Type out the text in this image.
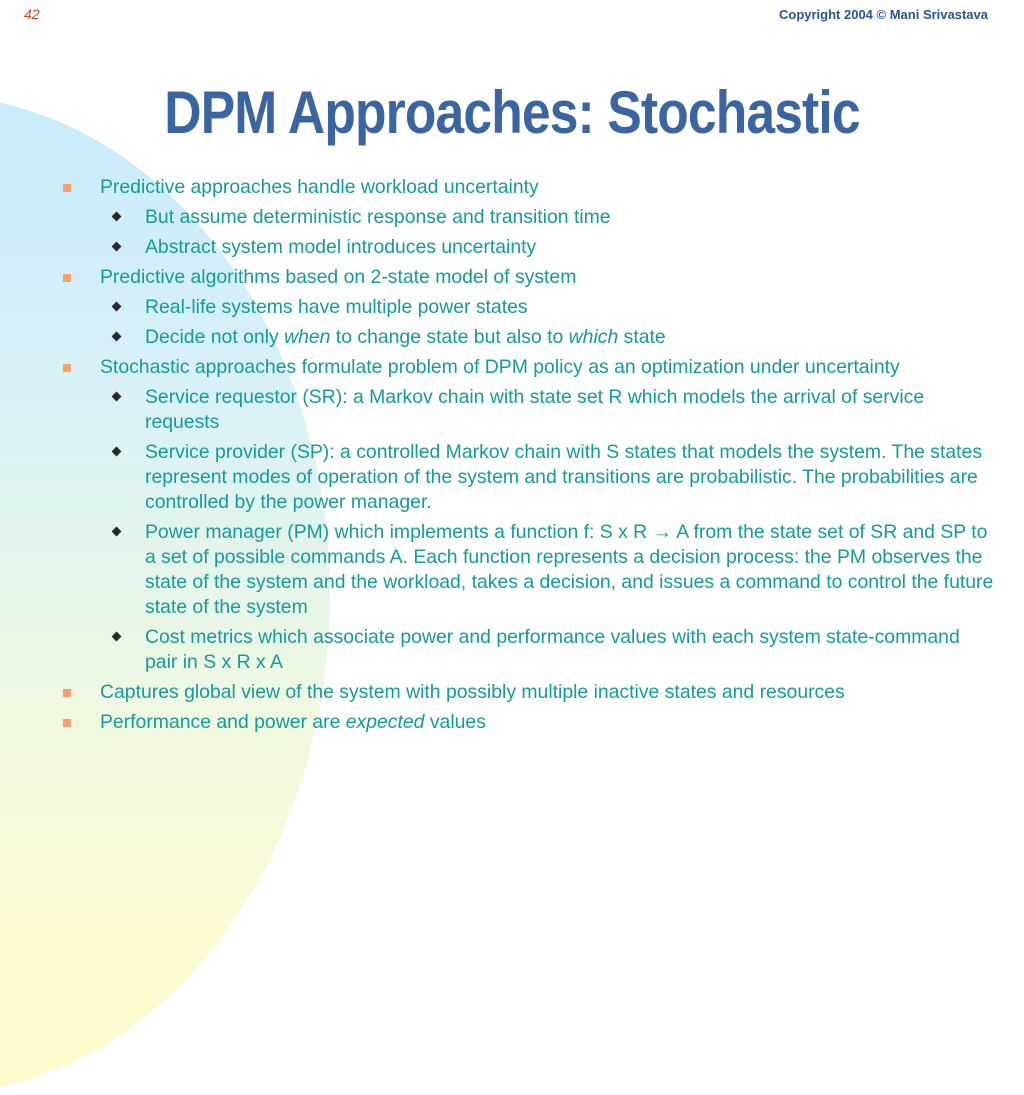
42	Copyright 2004 © Mani Srivastava
DPM Approaches: Stochastic
Predictive approaches handle workload uncertainty
But assume deterministic response and transition time
Abstract system model introduces uncertainty
Predictive algorithms based on 2-state model of system
Real-life systems have multiple power states
Decide not only when to change state but also to which state
Stochastic approaches formulate problem of DPM policy as an optimization under uncertainty
Service requestor (SR): a Markov chain with state set R which models the arrival of service requests
Service provider (SP): a controlled Markov chain with S states that models the system. The states represent modes of operation of the system and transitions are probabilistic. The probabilities are controlled by the power manager.
Power manager (PM) which implements a function f: S x R → A from the state set of SR and SP to a set of possible commands A. Each function represents a decision process: the PM observes the state of the system and the workload, takes a decision, and issues a command to control the future state of the system
Cost metrics which associate power and performance values with each system state-command pair in S x R x A
Captures global view of the system with possibly multiple inactive states and resources
Performance and power are expected values
